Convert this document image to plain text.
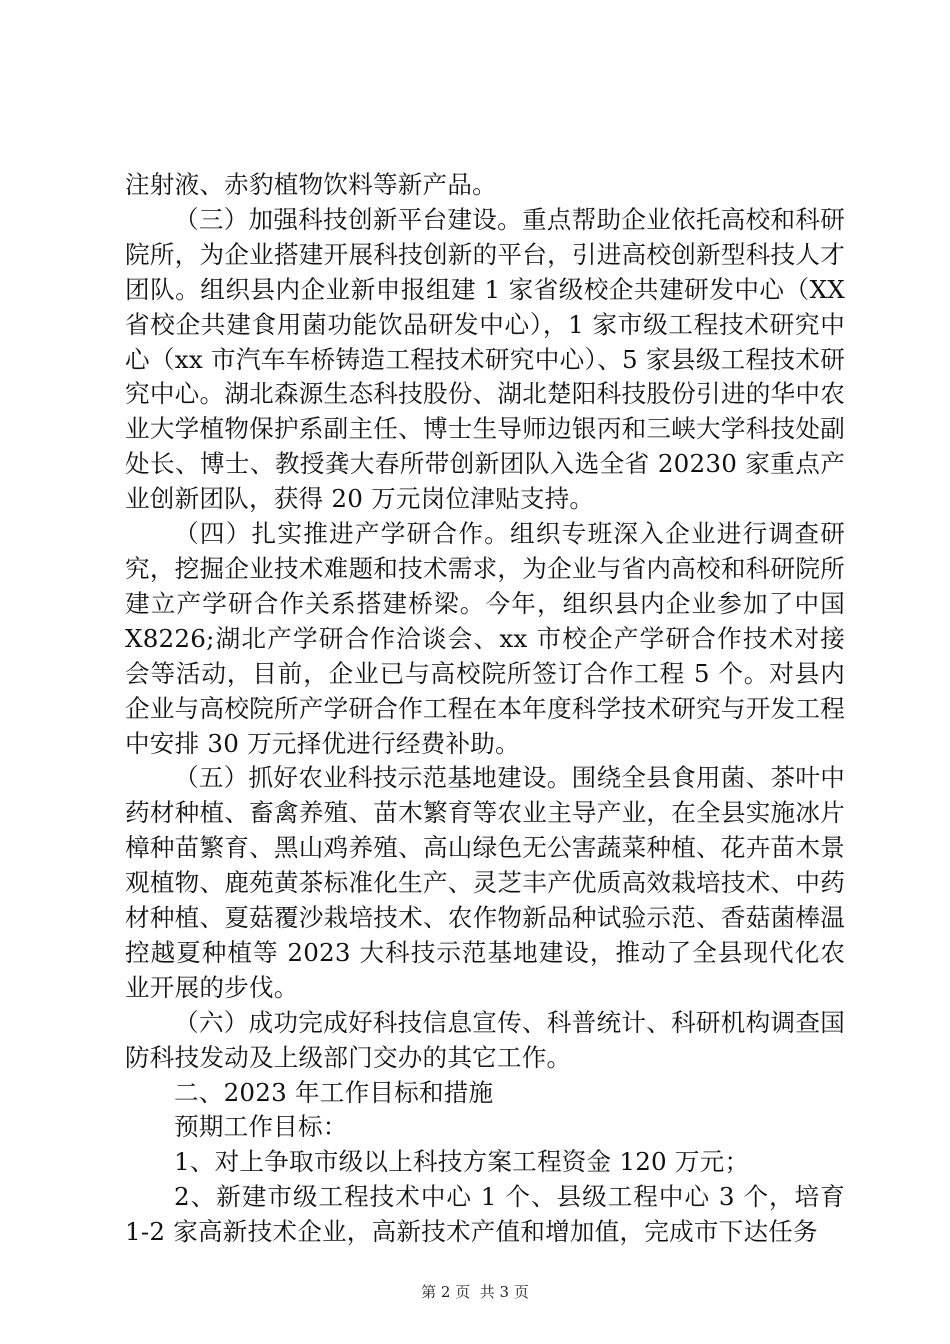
注射液、赤豹植物饮料等新产品。

（三）加强科技创新平台建设。重点帮助企业依托高校和科研院所，为企业搭建开展科技创新的平台，引进高校创新型科技人才团队。组织县内企业新申报组建 1 家省级校企共建研发中心（XX 省校企共建食用菌功能饮品研发中心），1 家市级工程技术研究中心（xx 市汽车车桥铸造工程技术研究中心）、5 家县级工程技术研究中心。湖北森源生态科技股份、湖北楚阳科技股份引进的华中农业大学植物保护系副主任、博士生导师边银丙和三峡大学科技处副处长、博士、教授龚大春所带创新团队入选全省 20230 家重点产业创新团队，获得 20 万元岗位津贴支持。

（四）扎实推进产学研合作。组织专班深入企业进行调查研究，挖掘企业技术难题和技术需求，为企业与省内高校和科研院所建立产学研合作关系搭建桥梁。今年，组织县内企业参加了中国 X8226;湖北产学研合作洽谈会、xx 市校企产学研合作技术对接会等活动，目前，企业已与高校院所签订合作工程 5 个。对县内企业与高校院所产学研合作工程在本年度科学技术研究与开发工程中安排 30 万元择优进行经费补助。

（五）抓好农业科技示范基地建设。围绕全县食用菌、茶叶中药材种植、畜禽养殖、苗木繁育等农业主导产业，在全县实施冰片樟种苗繁育、黑山鸡养殖、高山绿色无公害蔬菜种植、花卉苗木景观植物、鹿苑黄茶标准化生产、灵芝丰产优质高效栽培技术、中药材种植、夏菇覆沙栽培技术、农作物新品种试验示范、香菇菌棒温控越夏种植等 2023 大科技示范基地建设，推动了全县现代化农业开展的步伐。

（六）成功完成好科技信息宣传、科普统计、科研机构调查国防科技发动及上级部门交办的其它工作。

二、2023 年工作目标和措施

预期工作目标：

1、对上争取市级以上科技方案工程资金 120 万元；

2、新建市级工程技术中心 1 个、县级工程中心 3 个，培育 1-2 家高新技术企业，高新技术产值和增加值，完成市下达任务

第 2 页  共 3 页
